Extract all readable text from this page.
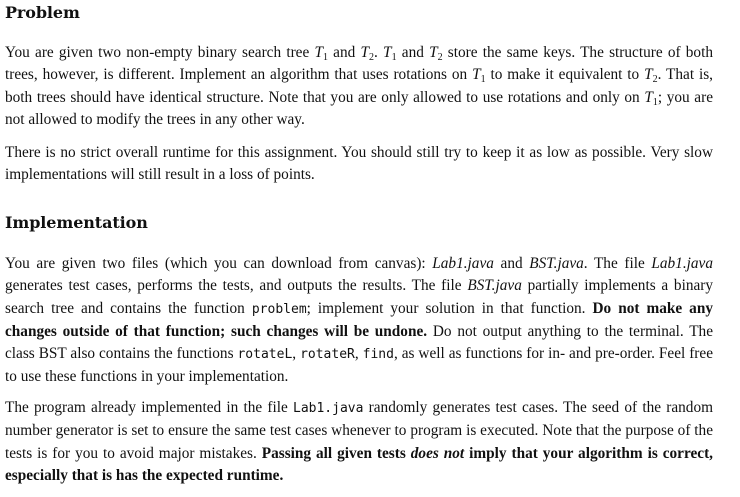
Problem

You are given two non-empty binary search tree $T_1$ and $T_2$. $T_1$ and $T_2$ store the same keys. The structure of both trees, however, is different. Implement an algorithm that uses rotations on $T_1$ to make it equivalent to $T_2$. That is, both trees should have identical structure. Note that you are only allowed to use rotations and only on $T_1$; you are not allowed to modify the trees in any other way.

There is no strict overall runtime for this assignment. You should still try to keep it as low as possible. Very slow implementations will still result in a loss of points.

Implementation

You are given two files (which you can download from canvas): Lab1.java and BST.java. The file Lab1.java generates test cases, performs the tests, and outputs the results. The file BST.java partially implements a binary search tree and contains the function problem; implement your solution in that function. Do not make any changes outside of that function; such changes will be undone. Do not output anything to the terminal. The class BST also contains the functions rotateL, rotateR, find, as well as functions for in- and pre-order. Feel free to use these functions in your implementation.

The program already implemented in the file Lab1.java randomly generates test cases. The seed of the random number generator is set to ensure the same test cases whenever to program is executed. Note that the purpose of the tests is for you to avoid major mistakes. Passing all given tests does not imply that your algorithm is correct, especially that is has the expected runtime.
